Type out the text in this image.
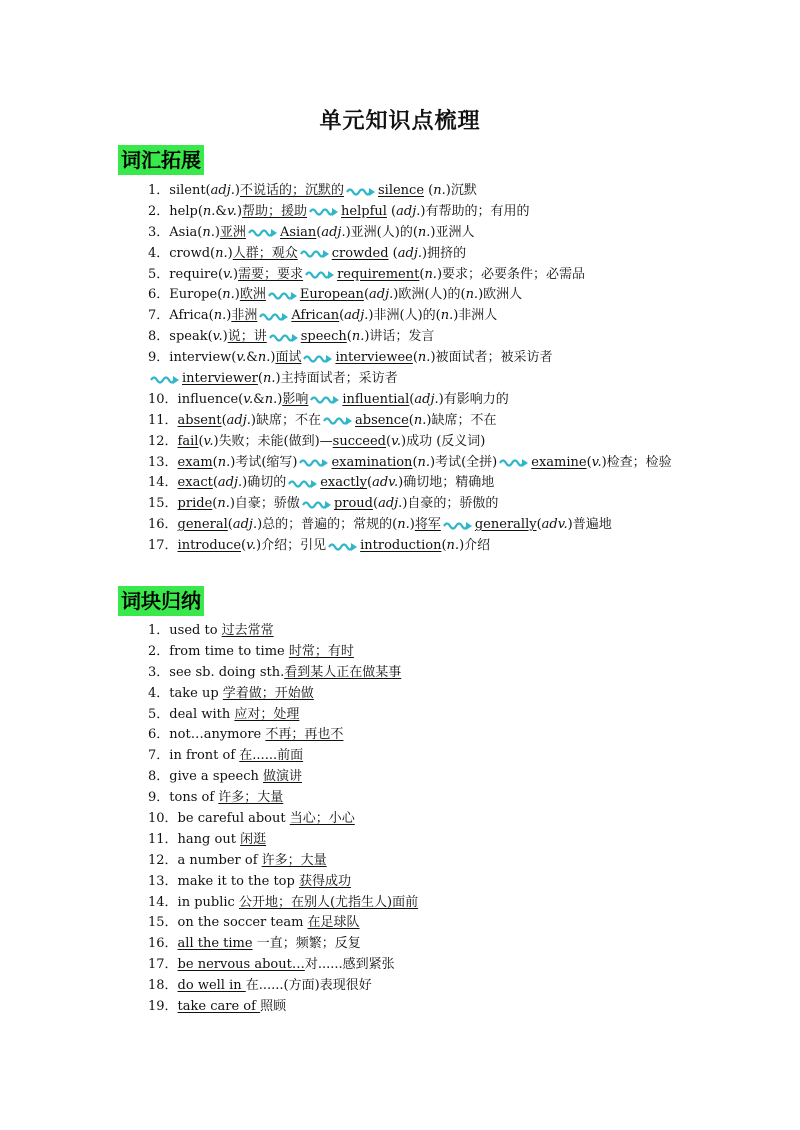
单元知识点梳理
词汇拓展
1．silent(adj.)不说话的；沉默的	silence (n.)沉默
2．help(n.&v.)帮助；援助	helpful (adj.)有帮助的；有用的
3．Asia(n.)亚洲	Asian(adj.)亚洲(人)的(n.)亚洲人
4．crowd(n.)人群；观众	crowded (adj.)拥挤的
5．require(v.)需要；要求	requirement(n.)要求；必要条件；必需品
6．Europe(n.)欧洲	European(adj.)欧洲(人)的(n.)欧洲人
7．Africa(n.)非洲	African(adj.)非洲(人)的(n.)非洲人
8．speak(v.)说；讲	speech(n.)讲话；发言
9．interview(v.&n.)面试	interviewee(n.)被面试者；被采访者
interviewer(n.)主持面试者；采访者
10．influence(v.&n.)影响	influential(adj.)有影响力的
11．absent(adj.)缺席；不在	absence(n.)缺席；不在
12．fail(v.)失败；未能(做到)—succeed(v.)成功 (反义词)
13．exam(n.)考试(缩写)	examination(n.)考试(全拼)	examine(v.)检查；检验
14．exact(adj.)确切的	exactly(adv.)确切地；精确地
15．pride(n.)自豪；骄傲	proud(adj.)自豪的；骄傲的
16．general(adj.)总的；普遍的；常规的(n.)将军	generally(adv.)普遍地
17．introduce(v.)介绍；引见	introduction(n.)介绍
词块归纳
1．used to 过去常常
2．from time to time 时常；有时
3．see sb. doing sth.看到某人正在做某事
4．take up 学着做；开始做
5．deal with 应对；处理
6．not…anymore 不再；再也不
7．in front of 在......前面
8．give a speech 做演讲
9．tons of 许多；大量
10．be careful about 当心；小心
11．hang out 闲逛
12．a number of 许多；大量
13．make it to the top 获得成功
14．in public 公开地；在别人(尤指生人)面前
15．on the soccer team 在足球队
16．all the time 一直；频繁；反复
17．be nervous about…对......感到紧张
18．do well in 在......(方面)表现很好
19．take care of 照顾
